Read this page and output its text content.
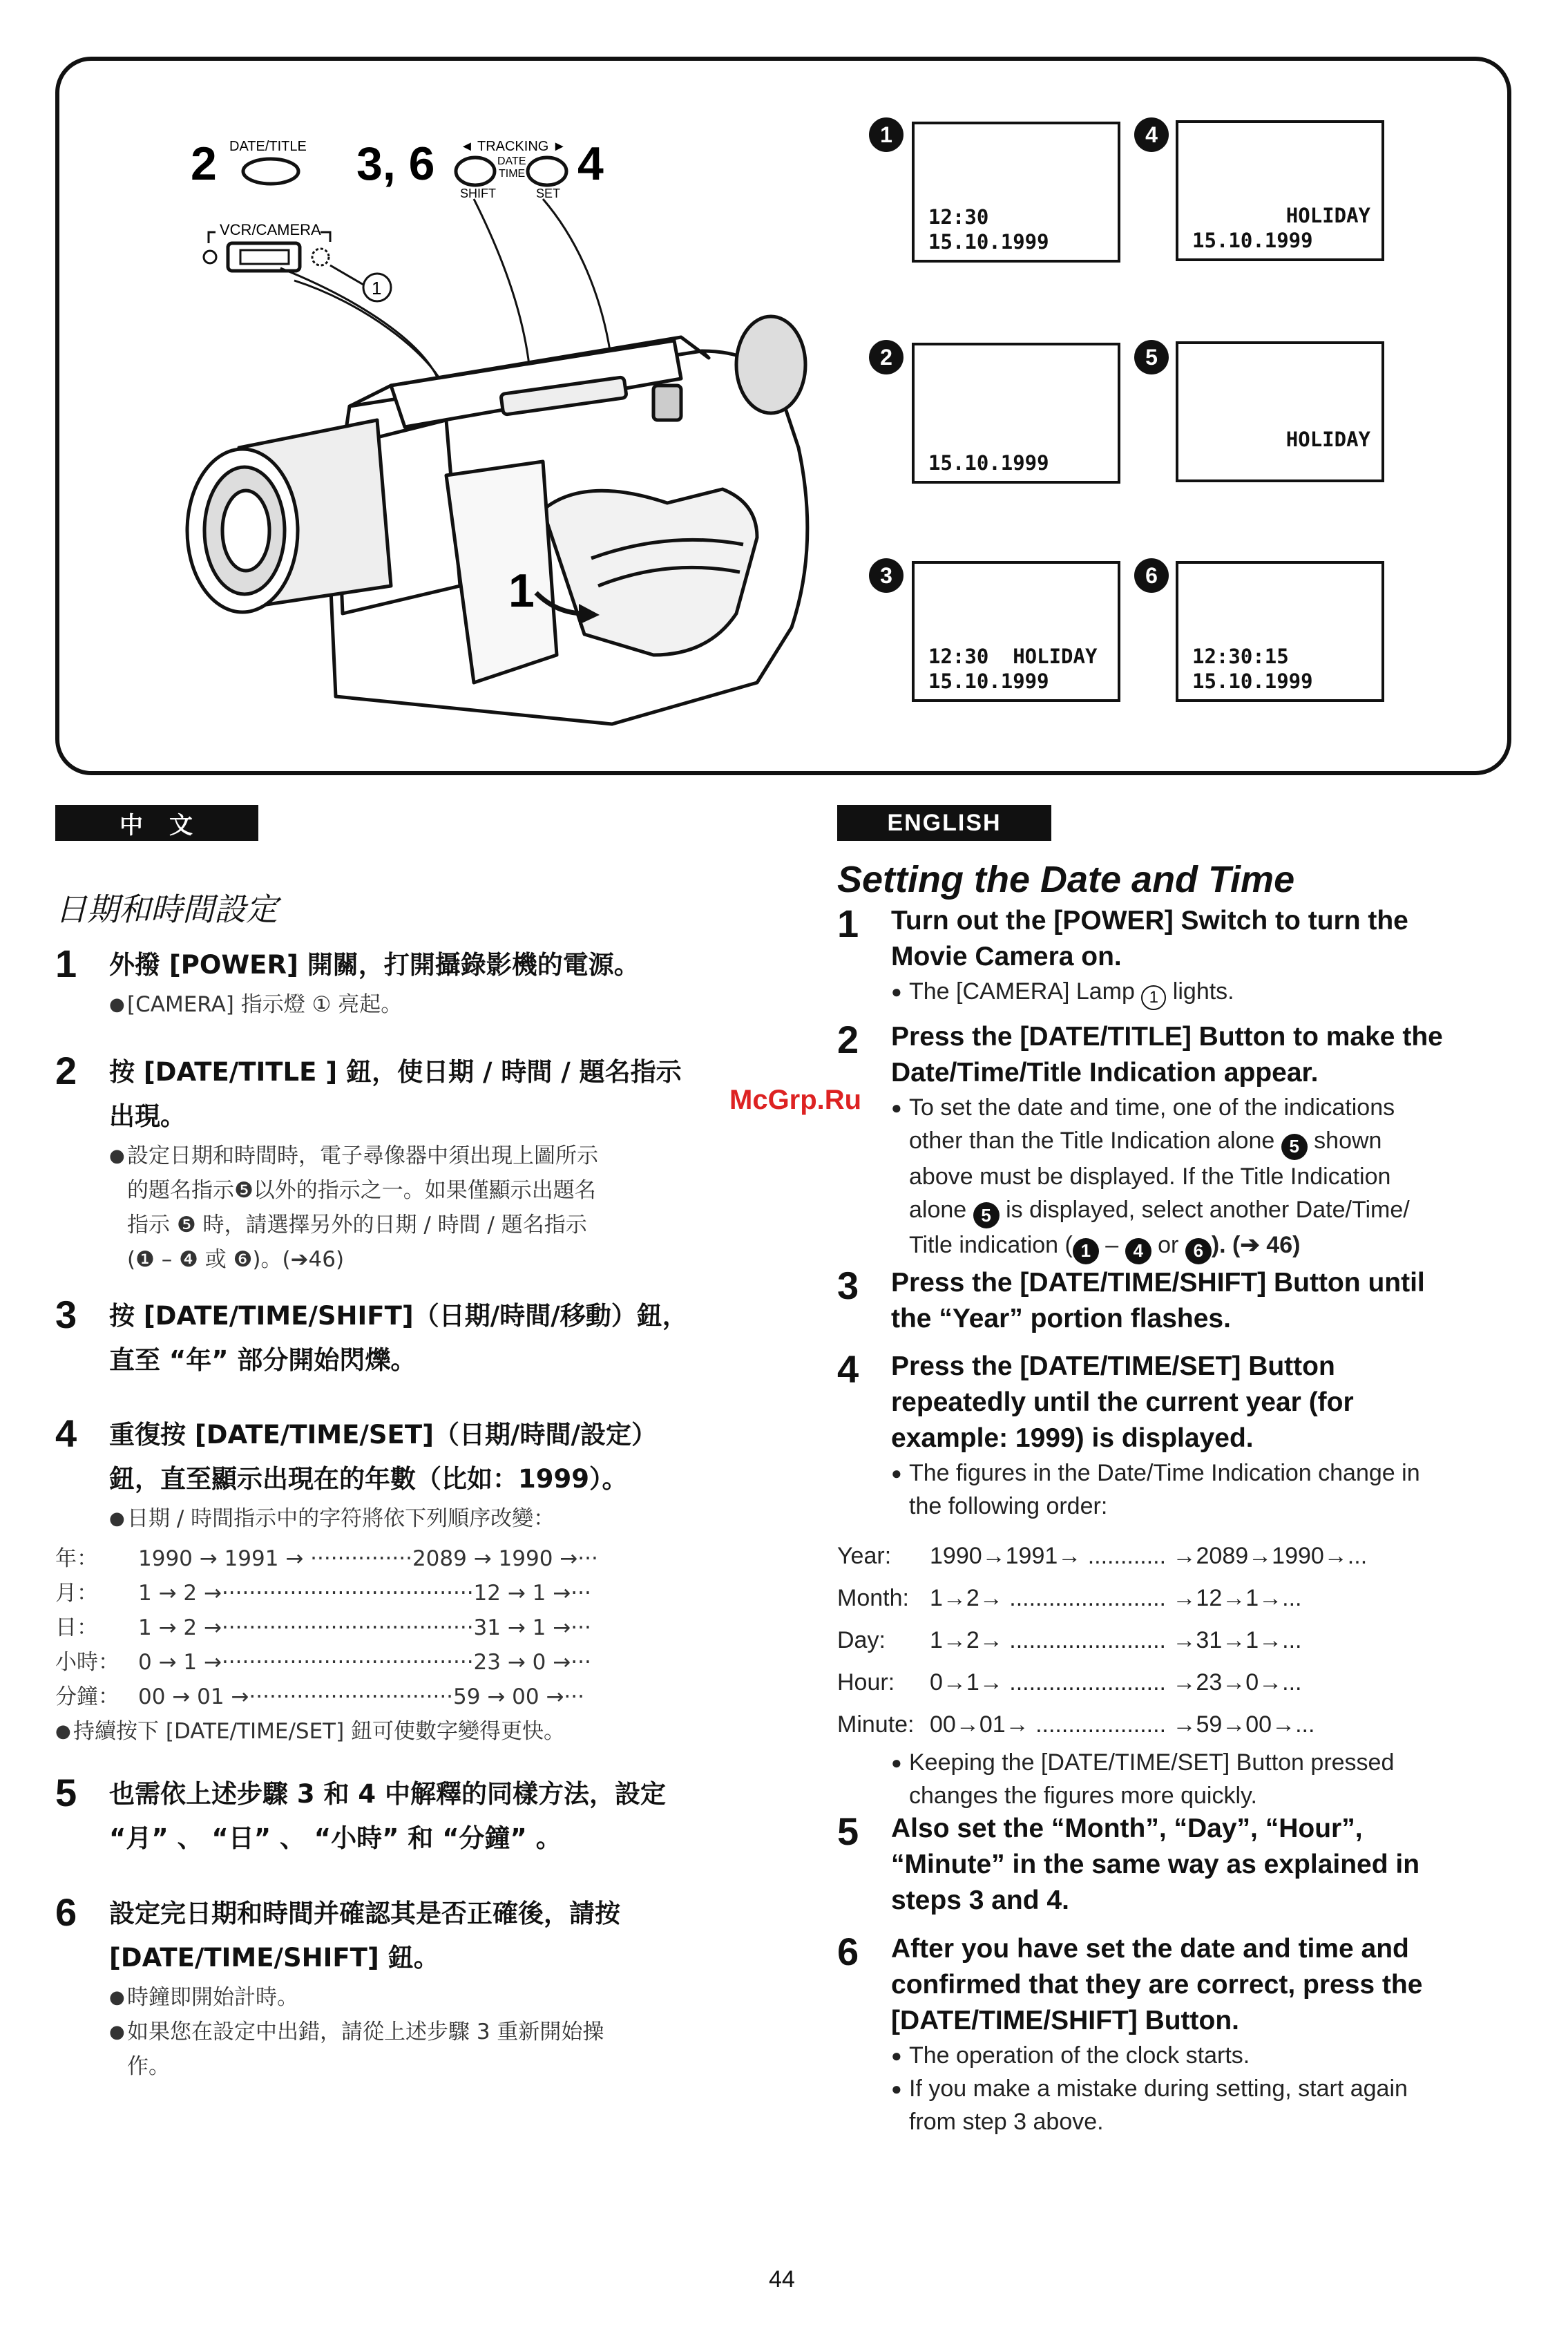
2 DATE/TITLE 3, 6 ◄ TRACKING ►
DATE
TIME 4
SHIFT	SET
VCR/CAMERA
1
1
12:30
15.10.1999
1
15.10.1999
2
12:30  HOLIDAY
15.10.1999
3
HOLIDAY
15.10.1999
4
HOLIDAY
5
12:30:15
15.10.1999
6
中　文
日期和時間設定
1 外撥 [POWER] 開關，打開攝錄影機的電源。
● [CAMERA] 指示燈 ① 亮起。
2 按 [DATE/TITLE ] 鈕，使日期 / 時間 / 題名指示
出現。
● 設定日期和時間時，電子尋像器中須出現上圖所示
的題名指示❺以外的指示之一。如果僅顯示出題名
指示 ❺ 時，請選擇另外的日期 / 時間 / 題名指示
(❶ – ❹ 或 ❻)。(➔46)
3 按 [DATE/TIME/SHIFT]（日期/時間/移動）鈕，
直至 “年” 部分開始閃爍。
4 重復按 [DATE/TIME/SET]（日期/時間/設定）
鈕，直至顯示出現在的年數（比如：1999）。
● 日期 / 時間指示中的字符將依下列順序改變：
年：	1990 → 1991 → ···············2089 → 1990 →···
月：	1 → 2 →·····································12 → 1 →···
日：	1 → 2 →·····································31 → 1 →···
小時： 0 → 1 →·····································23 → 0 →···
分鐘： 00 → 01 →······························59 → 00 →···
● 持續按下 [DATE/TIME/SET] 鈕可使數字變得更快。
5 也需依上述步驟 3 和 4 中解釋的同樣方法，設定
“月” 、 “日” 、 “小時” 和 “分鐘” 。
6 設定完日期和時間并確認其是否正確後，請按
[DATE/TIME/SHIFT] 鈕。
● 時鐘即開始計時。
● 如果您在設定中出錯，請從上述步驟 3 重新開始操
作。
McGrp.Ru
ENGLISH
Setting the Date and Time
1 Turn out the [POWER] Switch to turn the
Movie Camera on.
● The [CAMERA] Lamp 1 lights.
2 Press the [DATE/TITLE] Button to make the
Date/Time/Title Indication appear.
● To set the date and time, one of the indications
other than the Title Indication alone 5 shown
above must be displayed. If the Title Indication
alone 5 is displayed, select another Date/Time/
Title indication ( 1 – 4 or 6 ). (➔ 46)
3 Press the [DATE/TIME/SHIFT] Button until
the “Year” portion flashes.
4 Press the [DATE/TIME/SET] Button
repeatedly until the current year (for
example: 1999) is displayed.
● The figures in the Date/Time Indication change in
the following order:
Year:	1990→1991→ ............ →2089→1990→...
Month: 1→2→ ........................ →12→1→...
Day:	1→2→ ........................ →31→1→...
Hour:	0→1→ ........................ →23→0→...
Minute: 00→01→ .................... →59→00→...
● Keeping the [DATE/TIME/SET] Button pressed
changes the figures more quickly.
5 Also set the “Month”, “Day”, “Hour”,
“Minute” in the same way as explained in
steps 3 and 4.
6 After you have set the date and time and
confirmed that they are correct, press the
[DATE/TIME/SHIFT] Button.
● The operation of the clock starts.
● If you make a mistake during setting, start again
from step 3 above.
44
